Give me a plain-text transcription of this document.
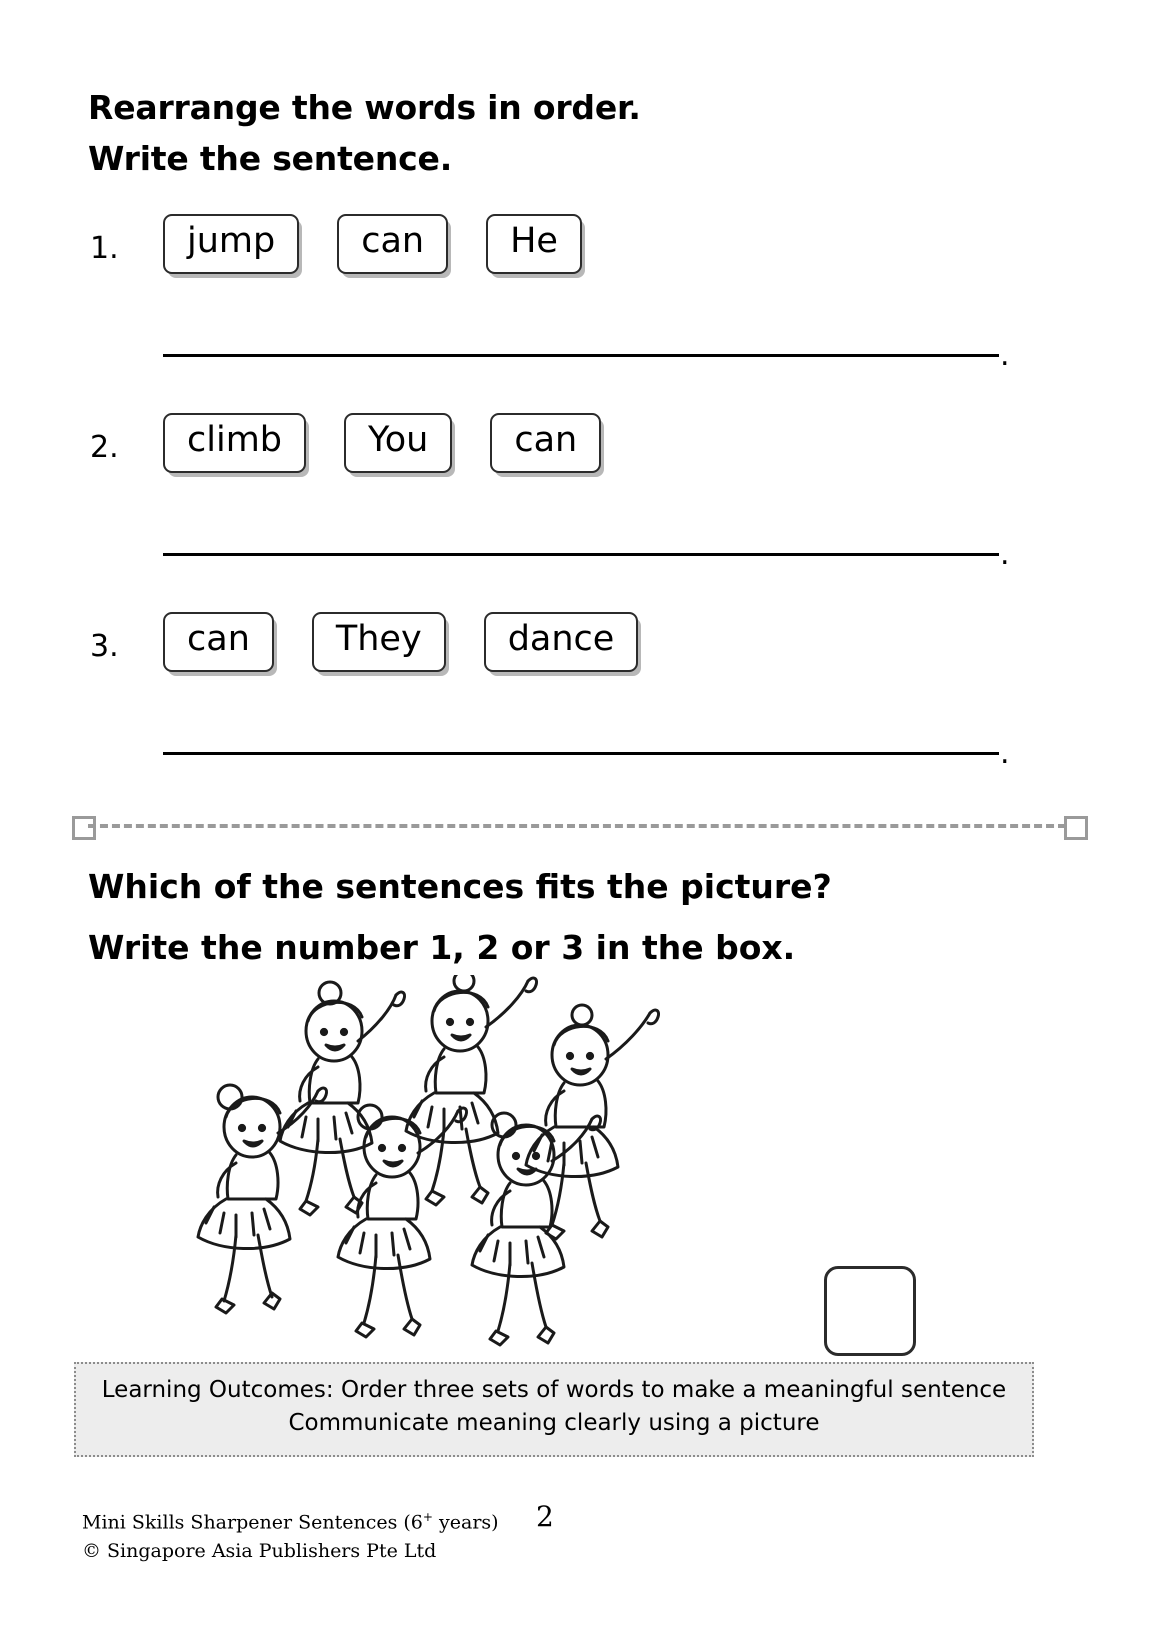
Rearrange the words in order.
Write the sentence.
1.	jump	can	He
.
2.	climb	You	can
.
3.	can	They	dance
.
Which of the sentences fits the picture?
Write the number 1, 2 or 3 in the box.
Learning Outcomes: Order three sets of words to make a meaningful sentence
Communicate meaning clearly using a picture
Mini Skills Sharpener Sentences (6+ years)
© Singapore Asia Publishers Pte Ltd
2
